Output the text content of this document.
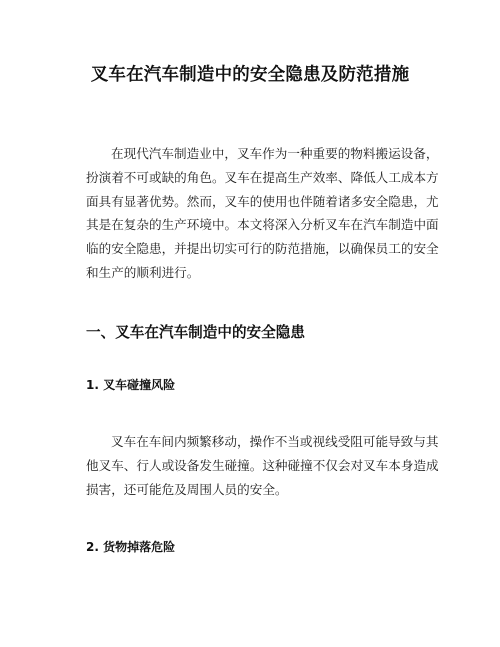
叉车在汽车制造中的安全隐患及防范措施

在现代汽车制造业中，叉车作为一种重要的物料搬运设备，扮演着不可或缺的角色。叉车在提高生产效率、降低人工成本方面具有显著优势。然而，叉车的使用也伴随着诸多安全隐患，尤其是在复杂的生产环境中。本文将深入分析叉车在汽车制造中面临的安全隐患，并提出切实可行的防范措施，以确保员工的安全和生产的顺利进行。

一、叉车在汽车制造中的安全隐患
1. 叉车碰撞风险

叉车在车间内频繁移动，操作不当或视线受阻可能导致与其他叉车、行人或设备发生碰撞。这种碰撞不仅会对叉车本身造成损害，还可能危及周围人员的安全。

2. 货物掉落危险
